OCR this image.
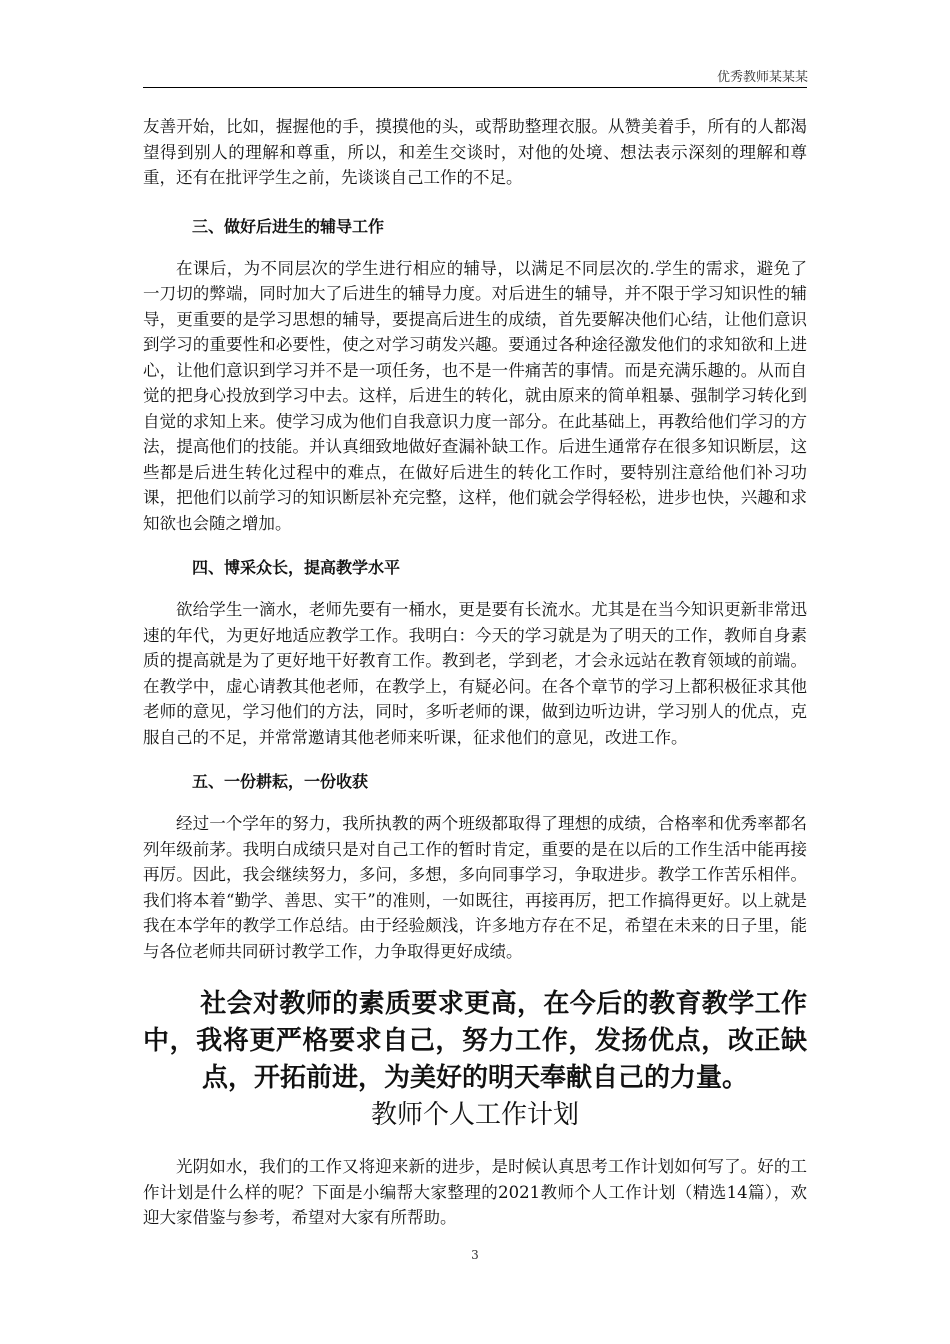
优秀教师某某某

友善开始，比如，握握他的手，摸摸他的头，或帮助整理衣服。从赞美着手，所有的人都渴望得到别人的理解和尊重，所以，和差生交谈时，对他的处境、想法表示深刻的理解和尊重，还有在批评学生之前，先谈谈自己工作的不足。

三、做好后进生的辅导工作

在课后，为不同层次的学生进行相应的辅导，以满足不同层次的.学生的需求，避免了一刀切的弊端，同时加大了后进生的辅导力度。对后进生的辅导，并不限于学习知识性的辅导，更重要的是学习思想的辅导，要提高后进生的成绩，首先要解决他们心结，让他们意识到学习的重要性和必要性，使之对学习萌发兴趣。要通过各种途径激发他们的求知欲和上进心，让他们意识到学习并不是一项任务，也不是一件痛苦的事情。而是充满乐趣的。从而自觉的把身心投放到学习中去。这样，后进生的转化，就由原来的简单粗暴、强制学习转化到自觉的求知上来。使学习成为他们自我意识力度一部分。在此基础上，再教给他们学习的方法，提高他们的技能。并认真细致地做好查漏补缺工作。后进生通常存在很多知识断层，这些都是后进生转化过程中的难点，在做好后进生的转化工作时，要特别注意给他们补习功课，把他们以前学习的知识断层补充完整，这样，他们就会学得轻松，进步也快，兴趣和求知欲也会随之增加。

四、博采众长，提高教学水平

欲给学生一滴水，老师先要有一桶水，更是要有长流水。尤其是在当今知识更新非常迅速的年代，为更好地适应教学工作。我明白：今天的学习就是为了明天的工作，教师自身素质的提高就是为了更好地干好教育工作。教到老，学到老，才会永远站在教育领域的前端。在教学中，虚心请教其他老师，在教学上，有疑必问。在各个章节的学习上都积极征求其他老师的意见，学习他们的方法，同时，多听老师的课，做到边听边讲，学习别人的优点，克服自己的不足，并常常邀请其他老师来听课，征求他们的意见，改进工作。

五、一份耕耘，一份收获

经过一个学年的努力，我所执教的两个班级都取得了理想的成绩，合格率和优秀率都名列年级前茅。我明白成绩只是对自己工作的暂时肯定，重要的是在以后的工作生活中能再接再厉。因此，我会继续努力，多问，多想，多向同事学习，争取进步。教学工作苦乐相伴。我们将本着“勤学、善思、实干”的准则，一如既往，再接再厉，把工作搞得更好。以上就是我在本学年的教学工作总结。由于经验颇浅，许多地方存在不足，希望在未来的日子里，能与各位老师共同研讨教学工作，力争取得更好成绩。

社会对教师的素质要求更高，在今后的教育教学工作中，我将更严格要求自己，努力工作，发扬优点，改正缺点，开拓前进，为美好的明天奉献自己的力量。

教师个人工作计划

光阴如水，我们的工作又将迎来新的进步，是时候认真思考工作计划如何写了。好的工作计划是什么样的呢？下面是小编帮大家整理的2021教师个人工作计划（精选14篇），欢迎大家借鉴与参考，希望对大家有所帮助。

3
